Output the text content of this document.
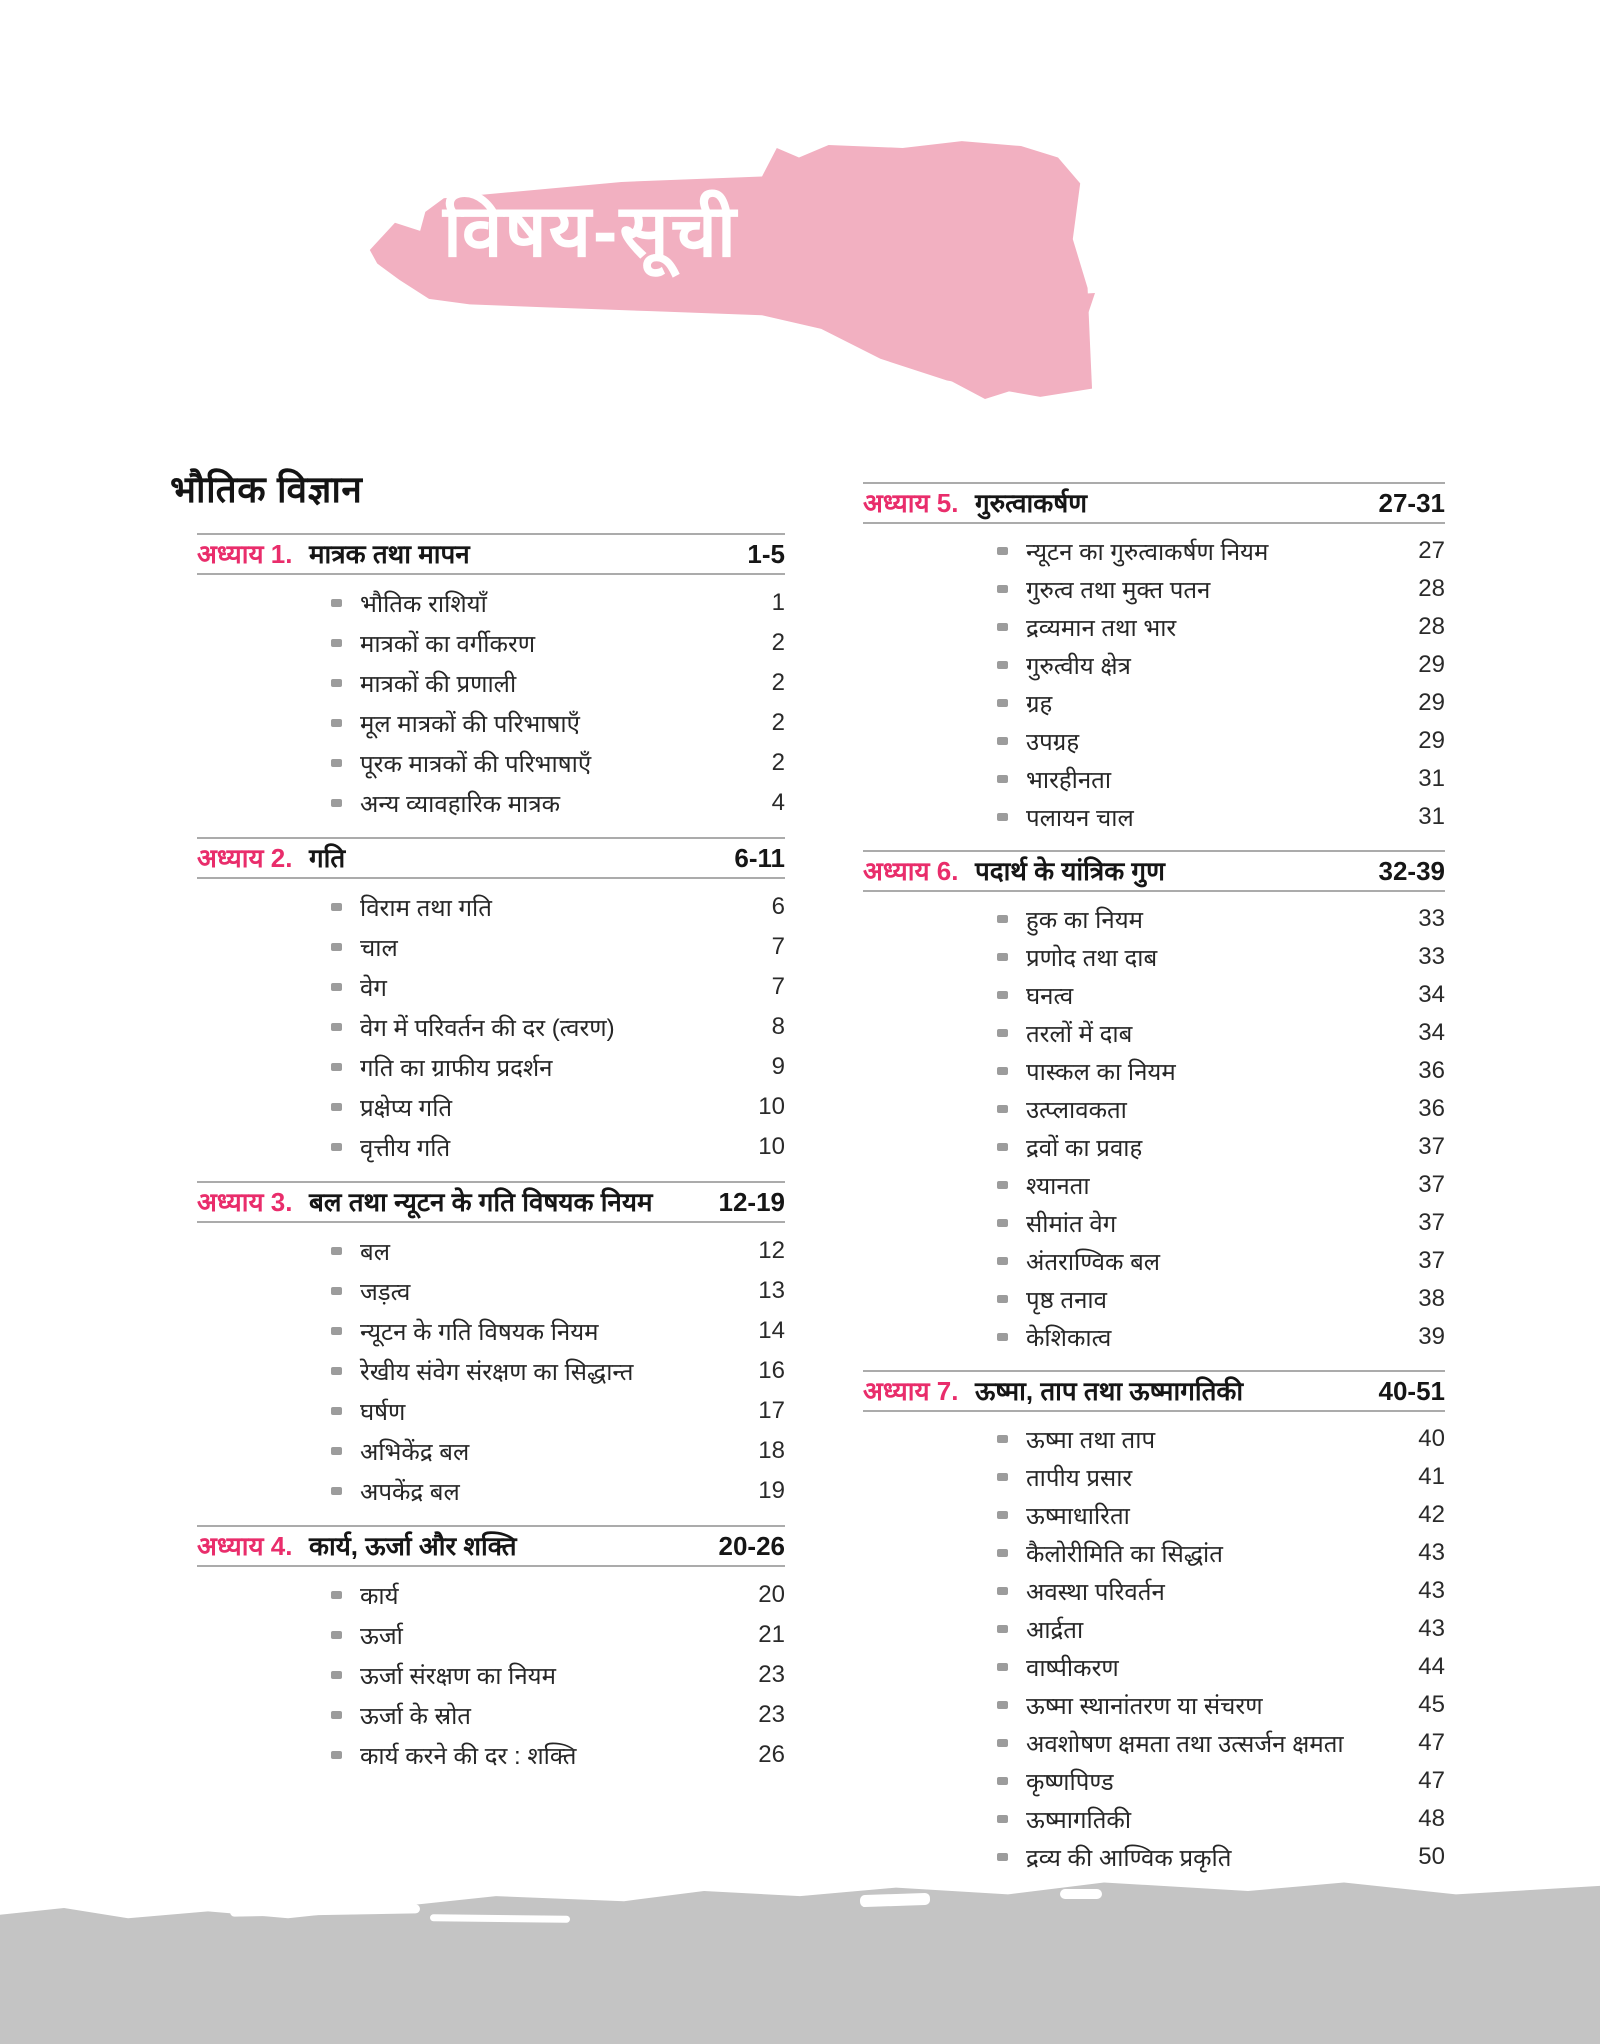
विषय-सूची
भौतिक विज्ञान
अध्याय 1. मात्रक तथा मापन	1-5
भौतिक राशियाँ	1
मात्रकों का वर्गीकरण	2
मात्रकों की प्रणाली	2
मूल मात्रकों की परिभाषाएँ	2
पूरक मात्रकों की परिभाषाएँ	2
अन्य व्यावहारिक मात्रक	4
अध्याय 2. गति	6-11
विराम तथा गति	6
चाल	7
वेग	7
वेग में परिवर्तन की दर (त्वरण)	8
गति का ग्राफीय प्रदर्शन	9
प्रक्षेप्य गति	10
वृत्तीय गति	10
अध्याय 3. बल तथा न्यूटन के गति विषयक नियम	12-19
बल	12
जड़त्व	13
न्यूटन के गति विषयक नियम	14
रेखीय संवेग संरक्षण का सिद्धान्त	16
घर्षण	17
अभिकेंद्र बल	18
अपकेंद्र बल	19
अध्याय 4. कार्य, ऊर्जा और शक्ति	20-26
कार्य	20
ऊर्जा	21
ऊर्जा संरक्षण का नियम	23
ऊर्जा के स्रोत	23
कार्य करने की दर : शक्ति	26
अध्याय 5. गुरुत्वाकर्षण	27-31
न्यूटन का गुरुत्वाकर्षण नियम	27
गुरुत्व तथा मुक्त पतन	28
द्रव्यमान तथा भार	28
गुरुत्वीय क्षेत्र	29
ग्रह	29
उपग्रह	29
भारहीनता	31
पलायन चाल	31
अध्याय 6. पदार्थ के यांत्रिक गुण	32-39
हुक का नियम	33
प्रणोद तथा दाब	33
घनत्व	34
तरलों में दाब	34
पास्कल का नियम	36
उत्प्लावकता	36
द्रवों का प्रवाह	37
श्यानता	37
सीमांत वेग	37
अंतराण्विक बल	37
पृष्ठ तनाव	38
केशिकात्व	39
अध्याय 7. ऊष्मा, ताप तथा ऊष्मागतिकी	40-51
ऊष्मा तथा ताप	40
तापीय प्रसार	41
ऊष्माधारिता	42
कैलोरीमिति का सिद्धांत	43
अवस्था परिवर्तन	43
आर्द्रता	43
वाष्पीकरण	44
ऊष्मा स्थानांतरण या संचरण	45
अवशोषण क्षमता तथा उत्सर्जन क्षमता	47
कृष्णपिण्ड	47
ऊष्मागतिकी	48
द्रव्य की आण्विक प्रकृति	50
